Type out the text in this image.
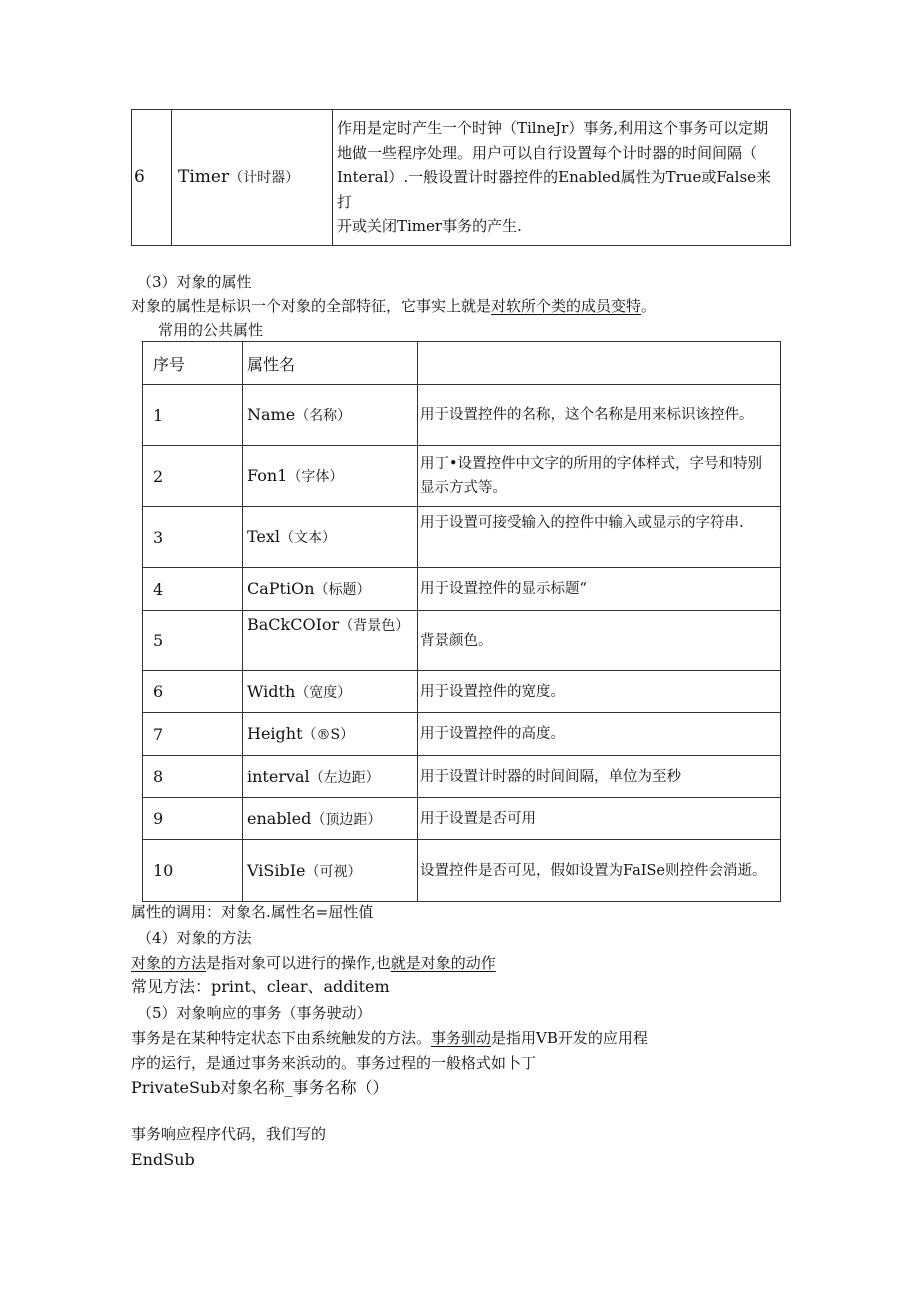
6	Timer（计时器）	
作用是定时产生一个时钟（TilneJr）事务,利用这个事务可以定期
地做一些程序处理。用户可以自行设置每个计时器的时间间隔（
Interal）.一般设置计时器控件的Enabled属性为True或False来打
开或关闭Timer事务的产生.
（3）对象的属性
对象的属性是标识一个对象的全部特征，它事实上就是对软所个类的成员变特。
常用的公共属性
序号	属性名	
1	Name（名称）	用于设置控件的名称，这个名称是用来标识该控件。
2	Fon1（字体）	用丁•设置控件中文字的所用的字体样式，字号和特别显示方式等。
3	Texl（文本）	用于设置可接受输入的控件中输入或显示的字符串.
4	CaPtiOn（标题）	用于设置控件的显示标题“
5	BaCkCOIor（背景色）	背景颜色。
6	Width（宽度）	用于设置控件的宽度。
7	Height（®S）	用于设置控件的高度。
8	interval（左边距）	用于设置计时器的时间间隔，单位为至秒
9	enabled（顶边距）	用于设置是否可用
10	ViSibIe（可视）	设置控件是否可见，假如设置为FaISe则控件会消逝。
属性的调用：对象名.属性名=屈性值
（4）对象的方法
对象的方法是指对象可以进行的操作,也就是对象的动作
常见方法：print、clear、additem
（5）对象响应的事务（事务驶动）
事务是在某种特定状态下由系统触发的方法。事务驯动是指用VB开发的应用程
序的运行，是通过事务来浜动的。事务过程的一般格式如卜丁
PrivateSub对象名称_事务名称（）
事务响应程序代码，我们写的
EndSub
